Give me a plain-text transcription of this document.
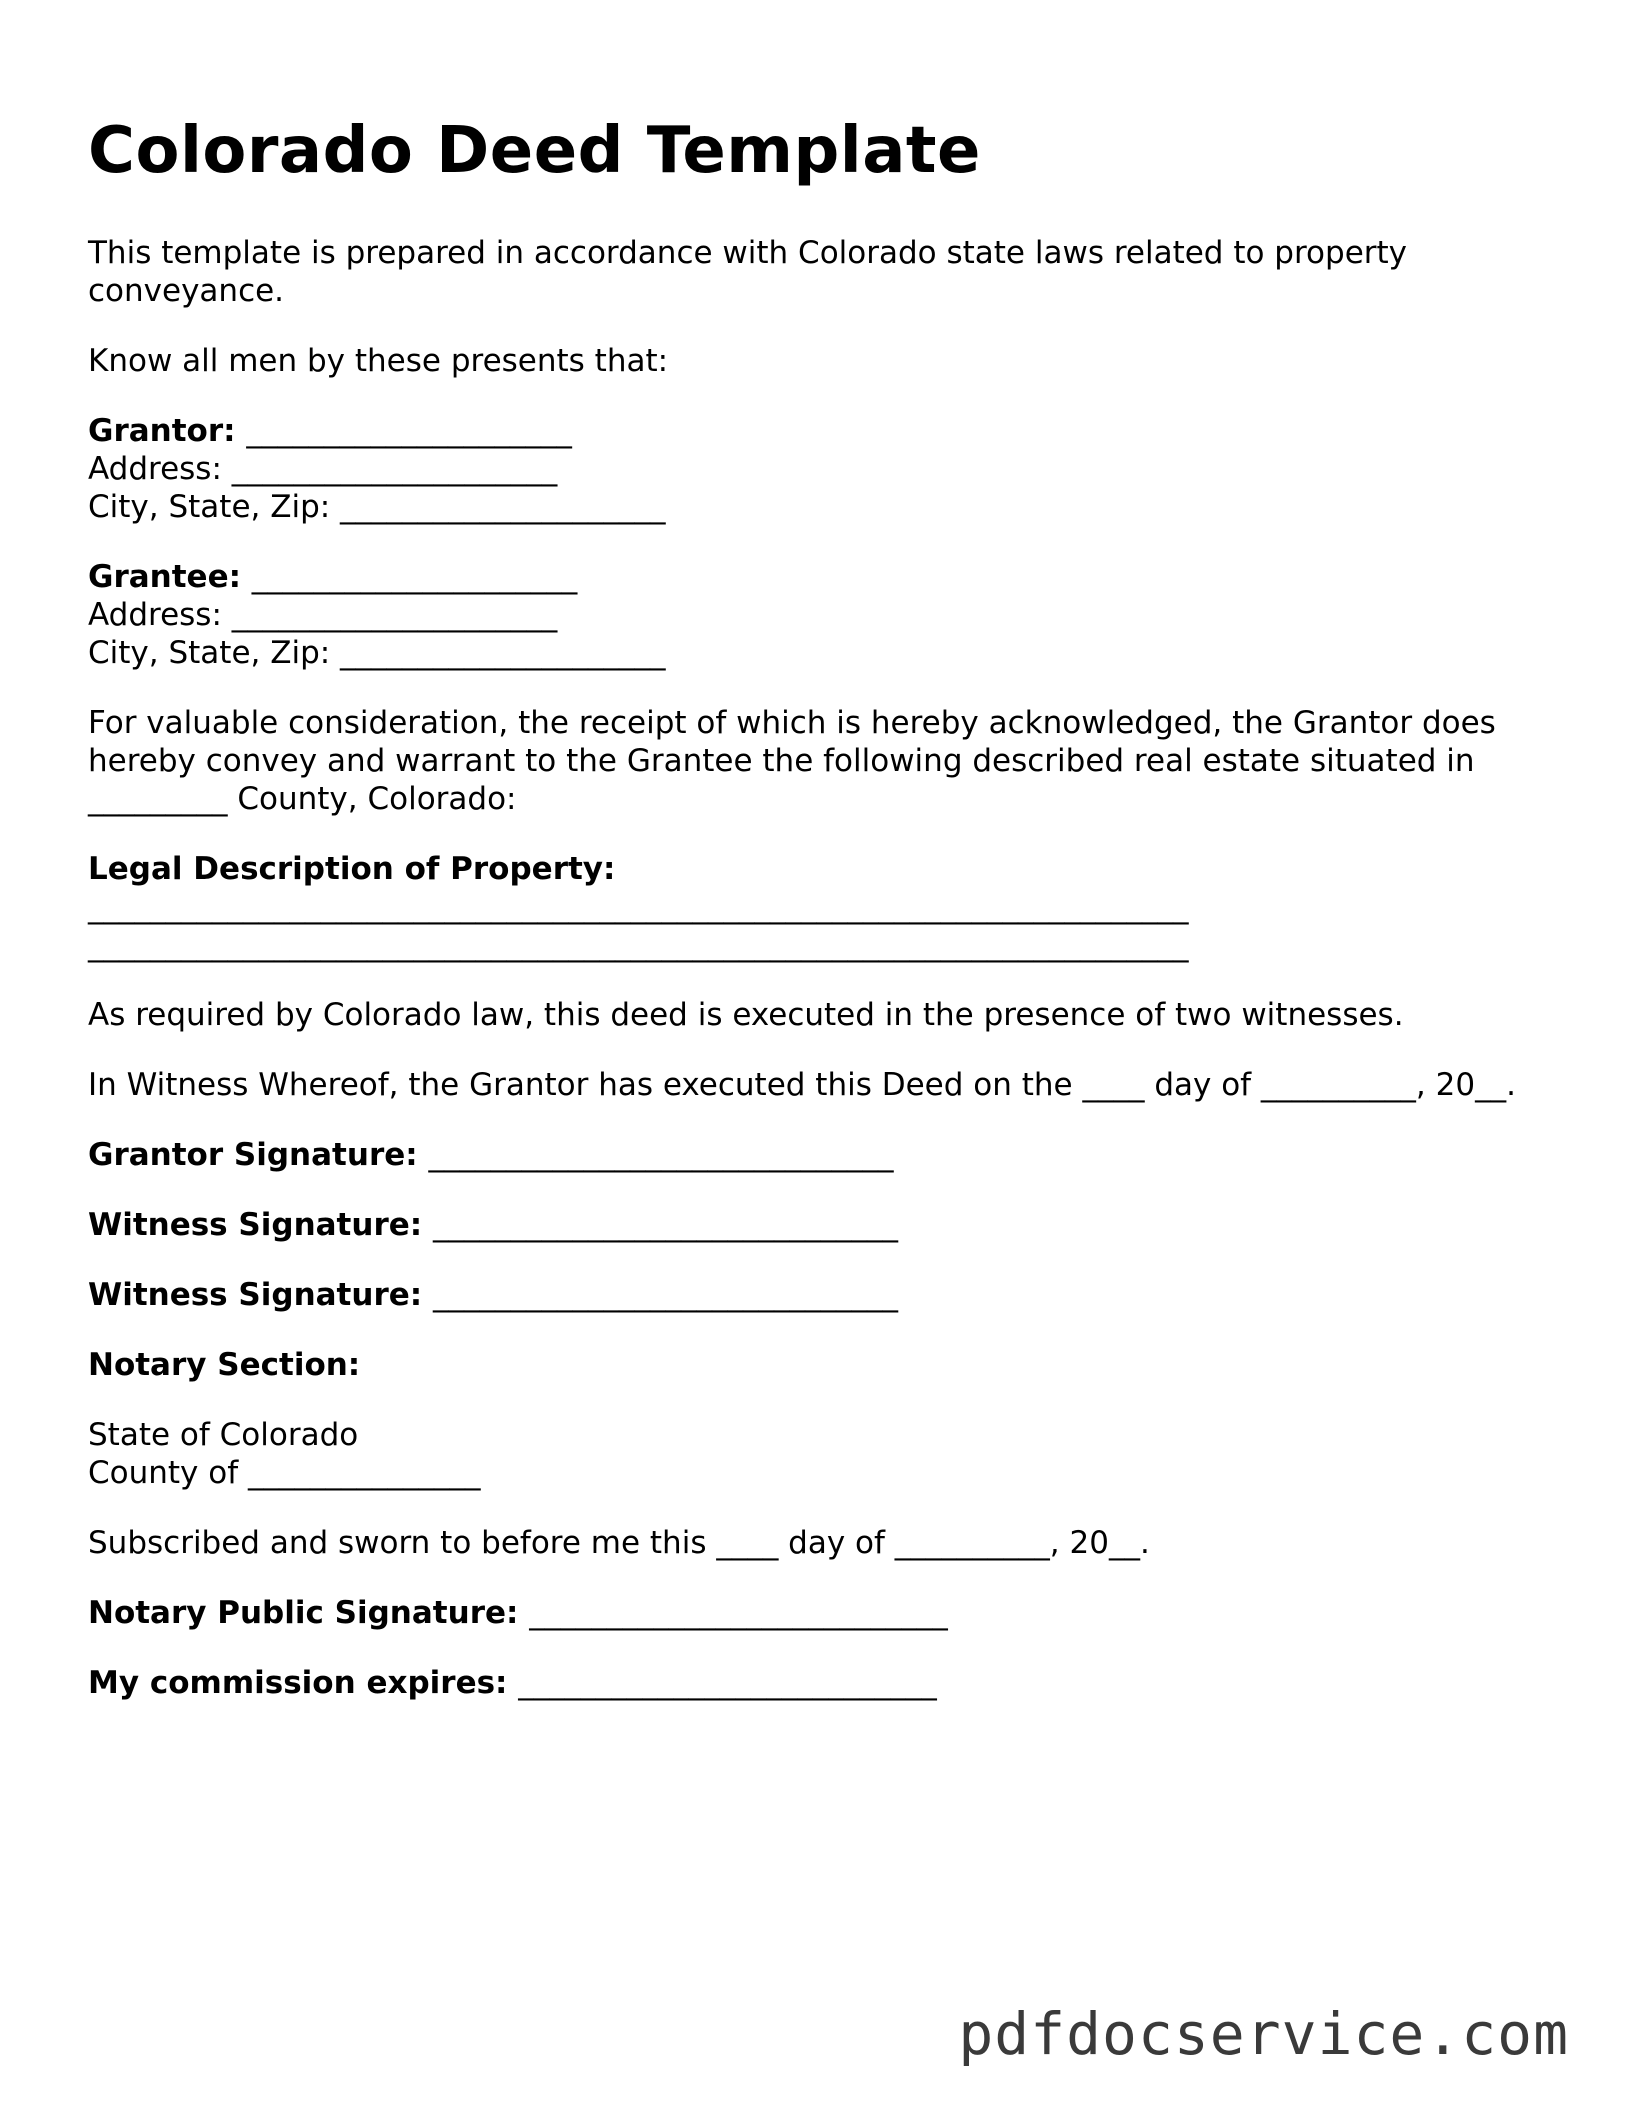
Colorado Deed Template

This template is prepared in accordance with Colorado state laws related to property conveyance.

Know all men by these presents that:

Grantor: _____________________
Address: _____________________
City, State, Zip: _____________________
Grantee: _____________________
Address: _____________________
City, State, Zip: _____________________

For valuable consideration, the receipt of which is hereby acknowledged, the Grantor does hereby convey and warrant to the Grantee the following described real estate situated in _________ County, Colorado:

Legal Description of Property:
_______________________________________________________________________
_______________________________________________________________________

As required by Colorado law, this deed is executed in the presence of two witnesses.

In Witness Whereof, the Grantor has executed this Deed on the ____ day of __________, 20__.

Grantor Signature: ______________________________

Witness Signature: ______________________________

Witness Signature: ______________________________

Notary Section:

State of Colorado
County of _______________

Subscribed and sworn to before me this ____ day of __________, 20__.

Notary Public Signature: ___________________________

My commission expires: ___________________________

pdfdocservice.com
